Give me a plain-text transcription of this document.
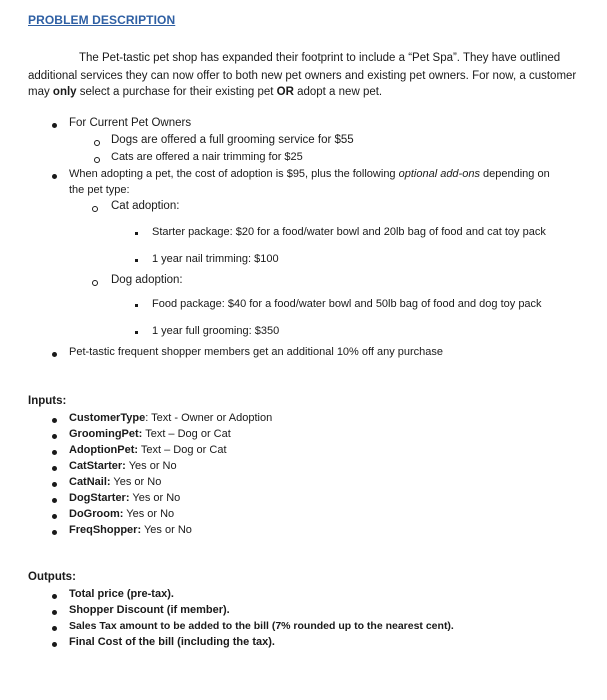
PROBLEM DESCRIPTION
The Pet-tastic pet shop has expanded their footprint to include a “Pet Spa”. They have outlined
additional services they can now offer to both new pet owners and existing pet owners. For now, a customer
may only select a purchase for their existing pet OR adopt a new pet.
For Current Pet Owners
Dogs are offered a full grooming service for $55
Cats are offered a nair trimming for $25
When adopting a pet, the cost of adoption is $95, plus the following optional add-ons depending on
the pet type:
Cat adoption:
Starter package: $20 for a food/water bowl and 20lb bag of food and cat toy pack
1 year nail trimming: $100
Dog adoption:
Food package: $40 for a food/water bowl and 50lb bag of food and dog toy pack
1 year full grooming: $350
Pet-tastic frequent shopper members get an additional 10% off any purchase
Inputs:
CustomerType: Text - Owner or Adoption
GroomingPet: Text – Dog or Cat
AdoptionPet: Text – Dog or Cat
CatStarter: Yes or No
CatNail: Yes or No
DogStarter: Yes or No
DoGroom: Yes or No
FreqShopper: Yes or No
Outputs:
Total price (pre-tax).
Shopper Discount (if member).
Sales Tax amount to be added to the bill (7% rounded up to the nearest cent).
Final Cost of the bill (including the tax).
